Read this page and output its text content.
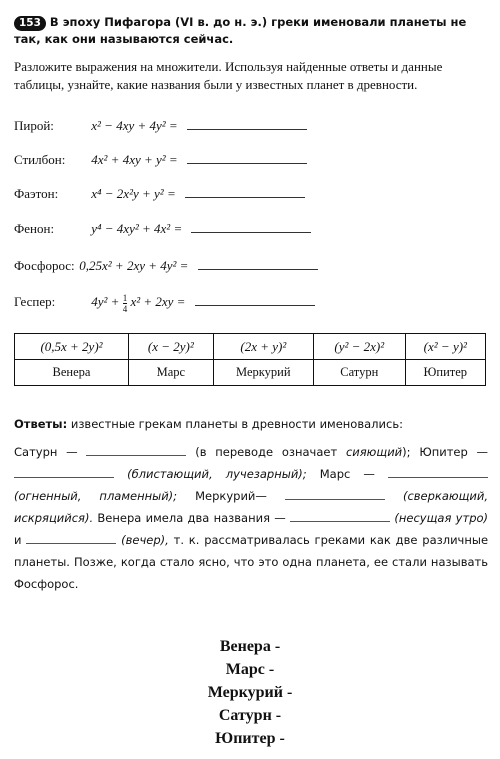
153 В эпоху Пифагора (VI в. до н. э.) греки именовали планеты не так, как они называются сейчас.
Разложите выражения на множители. Используя найденные ответы и данные таблицы, узнайте, какие названия были у известных планет в древности.
Пирой:	x² − 4xy + 4y² =
Стилбон: 4x² + 4xy + y² =
Фаэтон:	x⁴ − 2x²y + y² =
Фенон:	y⁴ − 4xy² + 4x² =
Фосфорос: 0,25x² + 2xy + 4y² =
Геспер:	$4y^2 + \frac{1}{4} x^2 + 2xy$ =
(0,5x + 2y)²	(x − 2y)²	(2x + y)²	(y² − 2x)²	(x² − y)²
Венера	Марс	Меркурий	Сатурн	Юпитер
Ответы: известные грекам планеты в древности именовались:
Сатурн —	(в переводе означает сияющий); Юпитер —  (блистающий, лучезарный); Марс —  (огненный, пламенный); Меркурий—	(сверкающий, искряцийся). Венера имела два названия —	(несущая утро) и	(вечер), т. к. рассматривалась греками как две различные планеты. Позже, когда стало ясно, что это одна планета, ее стали называть Фосфорос.
Венера -
Марс -
Меркурий -
Сатурн -
Юпитер -
